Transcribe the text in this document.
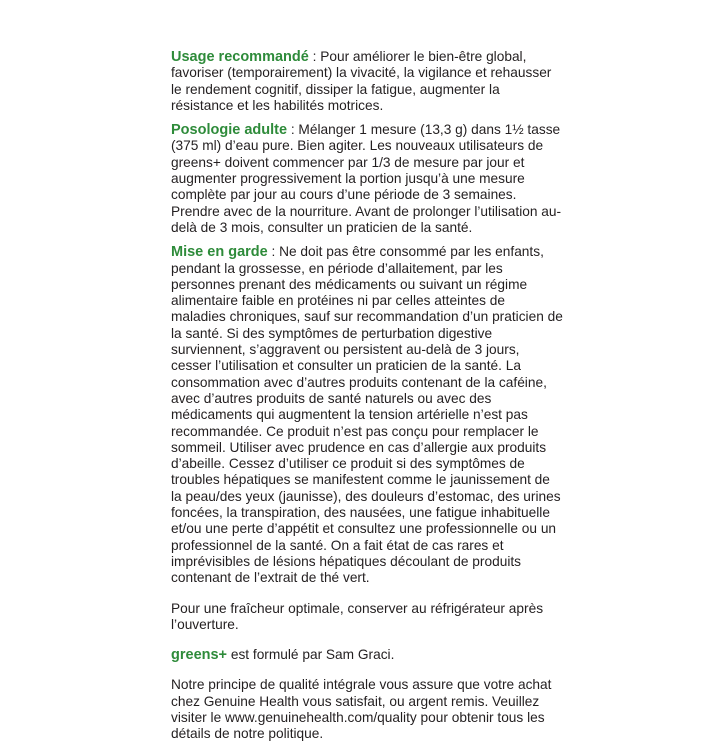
Usage recommandé : Pour améliorer le bien-être global, favoriser (temporairement) la vivacité, la vigilance et rehausser le rendement cognitif, dissiper la fatigue, augmenter la résistance et les habilités motrices.

Posologie adulte : Mélanger 1 mesure (13,3 g) dans 1½ tasse (375 ml) d’eau pure. Bien agiter. Les nouveaux utilisateurs de greens+ doivent commencer par 1/3 de mesure par jour et augmenter progressivement la portion jusqu’à une mesure complète par jour au cours d’une période de 3 semaines. Prendre avec de la nourriture. Avant de prolonger l’utilisation au-delà de 3 mois, consulter un praticien de la santé.

Mise en garde : Ne doit pas être consommé par les enfants, pendant la grossesse, en période d’allaitement, par les personnes prenant des médicaments ou suivant un régime alimentaire faible en protéines ni par celles atteintes de maladies chroniques, sauf sur recommandation d’un praticien de la santé. Si des symptômes de perturbation digestive surviennent, s’aggravent ou persistent au-delà de 3 jours, cesser l’utilisation et consulter un praticien de la santé. La consommation avec d’autres produits contenant de la caféine, avec d’autres produits de santé naturels ou avec des médicaments qui augmentent la tension artérielle n’est pas recommandée. Ce produit n’est pas conçu pour remplacer le sommeil. Utiliser avec prudence en cas d’allergie aux produits d’abeille. Cessez d’utiliser ce produit si des symptômes de troubles hépatiques se manifestent comme le jaunissement de la peau/des yeux (jaunisse), des douleurs d’estomac, des urines foncées, la transpiration, des nausées, une fatigue inhabituelle et/ou une perte d’appétit et consultez une professionnelle ou un professionnel de la santé. On a fait état de cas rares et imprévisibles de lésions hépatiques découlant de produits contenant de l’extrait de thé vert.

Pour une fraîcheur optimale, conserver au réfrigérateur après l’ouverture.

greens+ est formulé par Sam Graci.

Notre principe de qualité intégrale vous assure que votre achat chez Genuine Health vous satisfait, ou argent remis. Veuillez visiter le www.genuinehealth.com/quality pour obtenir tous les détails de notre politique.
